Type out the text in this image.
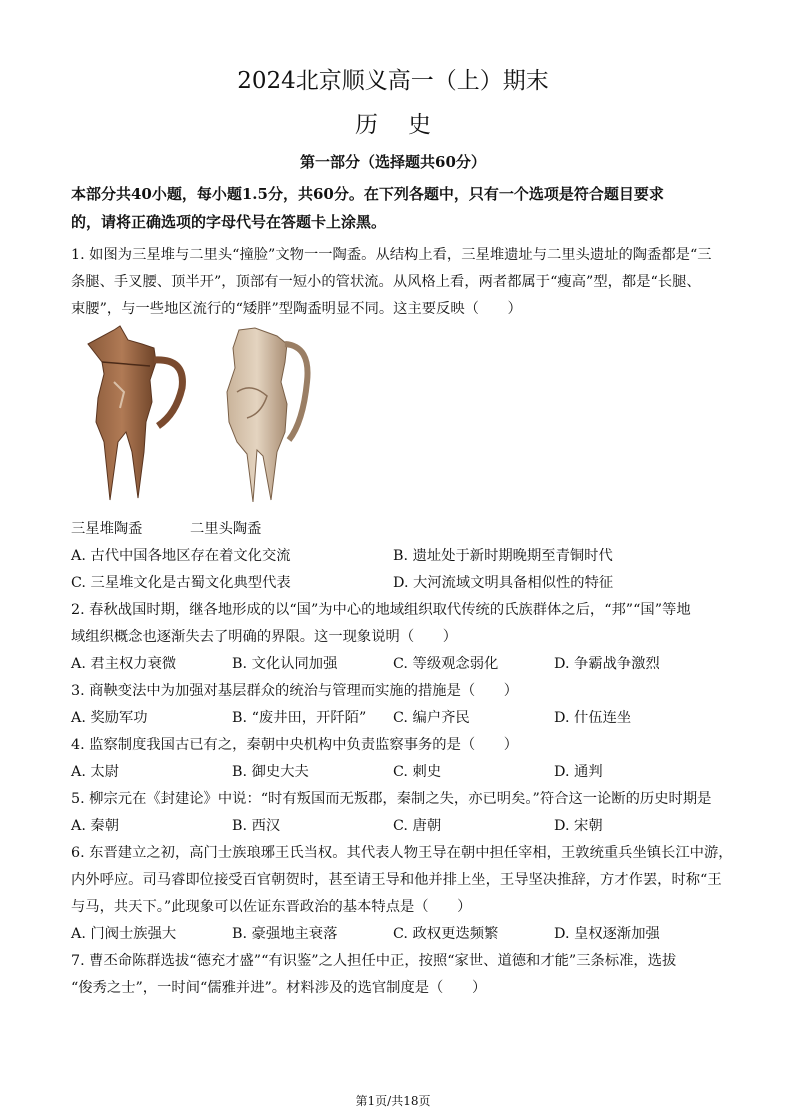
2024北京顺义高一（上）期末
历史
第一部分（选择题共60分）
本部分共40小题，每小题1.5分，共60分。在下列各题中，只有一个选项是符合题目要求
的，请将正确选项的字母代号在答题卡上涂黑。
1. 如图为三星堆与二里头“撞脸”文物一一陶盉。从结构上看，三星堆遗址与二里头遗址的陶盉都是“三
条腿、手叉腰、顶半开”，顶部有一短小的管状流。从风格上看，两者都属于“瘦高”型，都是“长腿、
束腰”，与一些地区流行的“矮胖”型陶盉明显不同。这主要反映（　　）
三星堆陶盉	二里头陶盉
A. 古代中国各地区存在着文化交流	B. 遗址处于新时期晚期至青铜时代
C. 三星堆文化是古蜀文化典型代表	D. 大河流域文明具备相似性的特征
2. 春秋战国时期，继各地形成的以“国”为中心的地域组织取代传统的氏族群体之后，“邦”“国”等地
域组织概念也逐渐失去了明确的界限。这一现象说明（　　）
A. 君主权力衰微	B. 文化认同加强	C. 等级观念弱化	D. 争霸战争激烈
3. 商鞅变法中为加强对基层群众的统治与管理而实施的措施是（　　）
A. 奖励军功	B. “废井田，开阡陌” C. 编户齐民	D. 什伍连坐
4. 监察制度我国古已有之，秦朝中央机构中负责监察事务的是（　　）
A. 太尉	B. 御史大夫	C. 刺史	D. 通判
5. 柳宗元在《封建论》中说：“时有叛国而无叛郡，秦制之失，亦已明矣。”符合这一论断的历史时期是
A. 秦朝	B. 西汉	C. 唐朝	D. 宋朝
6. 东晋建立之初，高门士族琅琊王氏当权。其代表人物王导在朝中担任宰相，王敦统重兵坐镇长江中游，
内外呼应。司马睿即位接受百官朝贺时，甚至请王导和他并排上坐，王导坚决推辞，方才作罢，时称“王
与马，共天下。”此现象可以佐证东晋政治的基本特点是（　　）
A. 门阀士族强大	B. 豪强地主衰落	C. 政权更迭频繁	D. 皇权逐渐加强
7. 曹丕命陈群选拔“德充才盛”“有识鉴”之人担任中正，按照“家世、道德和才能”三条标准，选拔
“俊秀之士”，一时间“儒雅并进”。材料涉及的选官制度是（　　）
第1页/共18页
